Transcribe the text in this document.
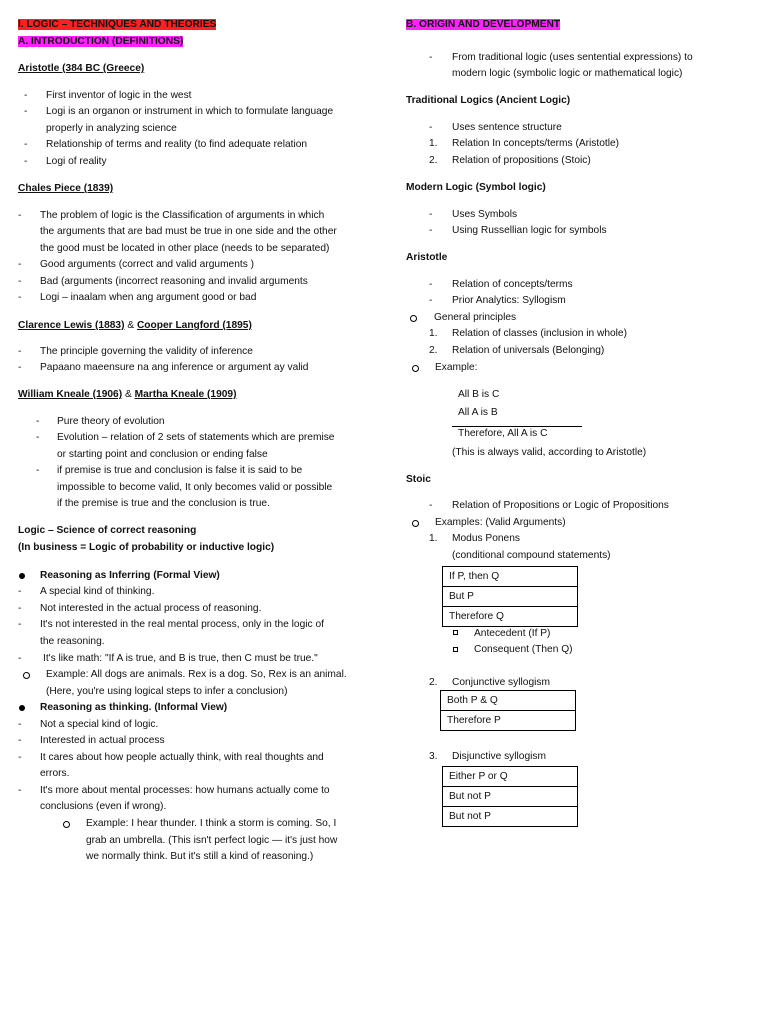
I. LOGIC – TECHNIQUES AND THEORIES
A. INTRODUCTION (DEFINITIONS)
Aristotle (384 BC (Greece)
- First inventor of logic in the west
- Logi is an organon or instrument in which to formulate language
properly in analyzing science
- Relationship of terms and reality (to find adequate relation
- Logi of reality
Chales Piece (1839)
- The problem of logic is the Classification of arguments in which
the arguments that are bad must be true in one side and the other
the good must be located in other place (needs to be separated)
- Good arguments (correct and valid arguments )
- Bad (arguments (incorrect reasoning and invalid arguments
- Logi – inaalam when ang argument good or bad
Clarence Lewis (1883) & Cooper Langford (1895)
- The principle governing the validity of inference
- Papaano maeensure na ang inference or argument ay valid
William Kneale (1906) & Martha Kneale (1909)
- Pure theory of evolution
- Evolution – relation of 2 sets of statements which are premise
or starting point and conclusion or ending false
- if premise is true and conclusion is false it is said to be
impossible to become valid, It only becomes valid or possible
if the premise is true and the conclusion is true.
Logic – Science of correct reasoning
(In business = Logic of probability or inductive logic)
Reasoning as Inferring (Formal View)
- A special kind of thinking.
- Not interested in the actual process of reasoning.
- It's not interested in the real mental process, only in the logic of
the reasoning.
- It's like math: "If A is true, and B is true, then C must be true."
Example: All dogs are animals. Rex is a dog. So, Rex is an animal.
(Here, you're using logical steps to infer a conclusion)
Reasoning as thinking. (Informal View)
- Not a special kind of logic.
- Interested in actual process
- It cares about how people actually think, with real thoughts and
errors.
- It's more about mental processes: how humans actually come to
conclusions (even if wrong).
Example: I hear thunder. I think a storm is coming. So, I
grab an umbrella. (This isn't perfect logic — it's just how
we normally think. But it's still a kind of reasoning.)
B. ORIGIN AND DEVELOPMENT
- From traditional logic (uses sentential expressions) to
modern logic (symbolic logic or mathematical logic)
Traditional Logics (Ancient Logic)
- Uses sentence structure
1. Relation In concepts/terms (Aristotle)
2. Relation of propositions (Stoic)
Modern Logic (Symbol logic)
- Uses Symbols
- Using Russellian logic for symbols
Aristotle
- Relation of concepts/terms
- Prior Analytics: Syllogism
General principles
1. Relation of classes (inclusion in whole)
2. Relation of universals (Belonging)
Example:
All B is C
All A is B
Therefore, All A is C
(This is always valid, according to Aristotle)
Stoic
- Relation of Propositions or Logic of Propositions
Examples: (Valid Arguments)
1. Modus Ponens
(conditional compound statements)
If P, then Q
But P
Therefore Q
Antecedent (If P)
Consequent (Then Q)
2. Conjunctive syllogism
Both P & Q
Therefore P
3. Disjunctive syllogism
Either P or Q
But not P
But not P
